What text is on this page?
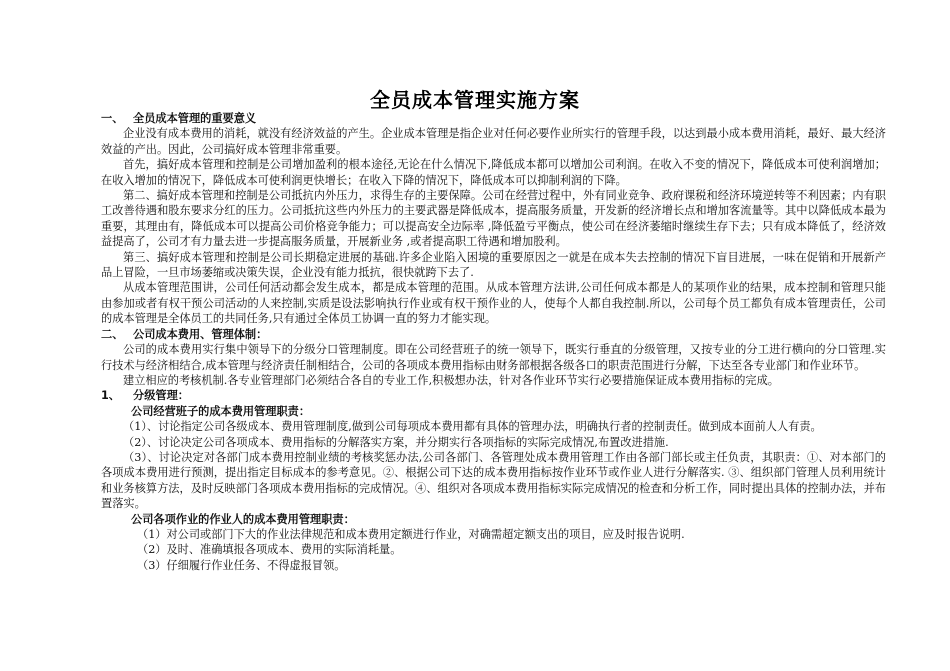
全员成本管理实施方案
一、 全员成本管理的重要意义

企业没有成本费用的消耗，就没有经济效益的产生。企业成本管理是指企业对任何必要作业所实行的管理手段，以达到最小成本费用消耗，最好、最大经济效益的产出。因此，公司搞好成本管理非常重要。

首先，搞好成本管理和控制是公司增加盈利的根本途径,无论在什么情况下,降低成本都可以增加公司利润。在收入不变的情况下，降低成本可使利润增加；在收入增加的情况下，降低成本可使利润更快增长；在收入下降的情况下，降低成本可以抑制利润的下降。

第二、搞好成本管理和控制是公司抵抗内外压力，求得生存的主要保障。公司在经营过程中，外有同业竞争、政府课税和经济环境逆转等不利因素；内有职工改善待遇和股东要求分红的压力。公司抵抗这些内外压力的主要武器是降低成本，提高服务质量，开发新的经济增长点和增加客流量等。其中以降低成本最为重要，其理由有，降低成本可以提高公司价格竞争能力；可以提高安全边际率 ,降低盈亏平衡点，使公司在经济萎缩时继续生存下去；只有成本降低了，经济效益提高了，公司才有力量去进一步提高服务质量，开展新业务 ,或者提高职工待遇和增加股利。

第三、搞好成本管理和控制是公司长期稳定进展的基础.许多企业陷入困境的重要原因之一就是在成本失去控制的情况下盲目进展，一味在促销和开展新产品上冒险，一旦市场萎缩或决策失误，企业没有能力抵抗，很快就跨下去了.

从成本管理范围讲，公司任何活动都会发生成本，都是成本管理的范围。从成本管理方法讲,公司任何成本都是人的某项作业的结果，成本控制和管理只能由参加或者有权干预公司活动的人来控制,实质是设法影响执行作业或有权干预作业的人，使每个人都自我控制.所以，公司每个员工都负有成本管理责任，公司的成本管理是全体员工的共同任务,只有通过全体员工协调一直的努力才能实现。

二、 公司成本费用、管理体制：

公司的成本费用实行集中领导下的分级分口管理制度。即在公司经营班子的统一领导下，既实行垂直的分级管理，又按专业的分工进行横向的分口管理.实行技术与经济相结合,成本管理与经济责任制相结合，公司的各项成本费用指标由财务部根据各级各口的职责范围进行分解，下达至各专业部门和作业环节。

建立相应的考核机制.各专业管理部门必须结合各自的专业工作,积极想办法，针对各作业环节实行必要措施保证成本费用指标的完成。

1、 分级管理：
公司经营班子的成本费用管理职责：

（1）、讨论指定公司各级成本、费用管理制度,做到公司每项成本费用都有具体的管理办法，明确执行者的控制责任。做到成本面前人人有责。

（2）、讨论决定公司各项成本、费用指标的分解落实方案，并分期实行各项指标的实际完成情况,布置改进措施.

（3）、讨论决定对各部门成本费用控制业绩的考核奖惩办法,公司各部门、各管理处成本费用管理工作由各部门部长或主任负责，其职责：①、对本部门的各项成本费用进行预测，提出指定目标成本的参考意见。②、根据公司下达的成本费用指标按作业环节或作业人进行分解落实. ③、组织部门管理人员利用统计和业务核算方法，及时反映部门各项成本费用指标的完成情况。④、组织对各项成本费用指标实际完成情况的检查和分析工作，同时提出具体的控制办法，并布置落实。

公司各项作业的作业人的成本费用管理职责：

（1）对公司或部门下大的作业法律规范和成本费用定额进行作业，对确需超定额支出的项目，应及时报告说明.

（2）及时、准确填报各项成本、费用的实际消耗量。

（3）仔细履行作业任务、不得虚报冒领。
